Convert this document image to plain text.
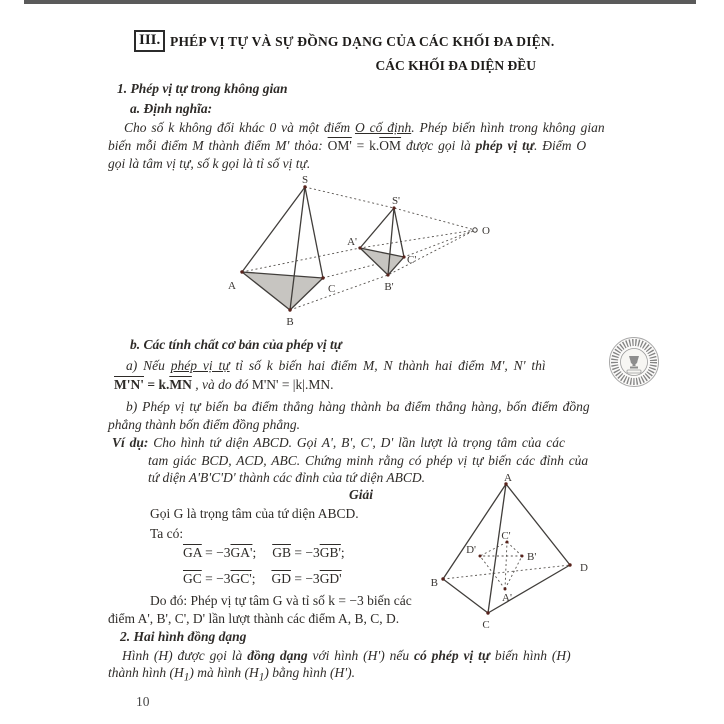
III. PHÉP VỊ TỰ VÀ SỰ ĐỒNG DẠNG CỦA CÁC KHỐI ĐA DIỆN.
CÁC KHỐI ĐA DIỆN ĐỀU
1. Phép vị tự trong không gian
a. Định nghĩa:
Cho số k không đổi khác 0 và một điểm O cố định. Phép biến hình trong không gian
biến mỗi điểm M thành điểm M' thỏa: $OM' = k.\overline{OM}$ được gọi là phép vị tự. Điểm O
gọi là tâm vị tự, số k gọi là tỉ số vị tự.
S
S'
A
A'
B
B'
C
C'
O
b. Các tính chất cơ bản của phép vị tự
a) Nếu phép vị tự tỉ số k biến hai điểm M, N thành hai điểm M', N' thì
$M'N' = k.\overline{MN}$ , và do đó M'N' = |k|.MN.
b) Phép vị tự biến ba điểm thẳng hàng thành ba điểm thẳng hàng, bốn điểm đồng
phẳng thành bốn điểm đồng phẳng.
Ví dụ: Cho hình tứ diện ABCD. Gọi A', B', C', D' lần lượt là trọng tâm của các
tam giác BCD, ACD, ABC. Chứng minh rằng có phép vị tự biến các đỉnh của
tứ diện A'B'C'D' thành các đỉnh của tứ diện ABCD.
Giải
Gọi G là trọng tâm của tứ diện ABCD.
Ta có:
$\overline{GA} = -3GA'$; $\overline{GB} = -3GB'$;
$\overline{GC} = -3GC'$; $\overline{GD} = -3GD'$
Do đó: Phép vị tự tâm G và tỉ số k = −3 biến các
điểm A', B', C', D' lần lượt thành các điểm A, B, C, D.
A
B
C
D
A'
B'
C'
D'
2. Hai hình đồng dạng
Hình (H) được gọi là đồng dạng với hình (H') nếu có phép vị tự biến hình (H)
thành hình $(H_1)$ mà hình $(H_1)$ bằng hình (H').
10
